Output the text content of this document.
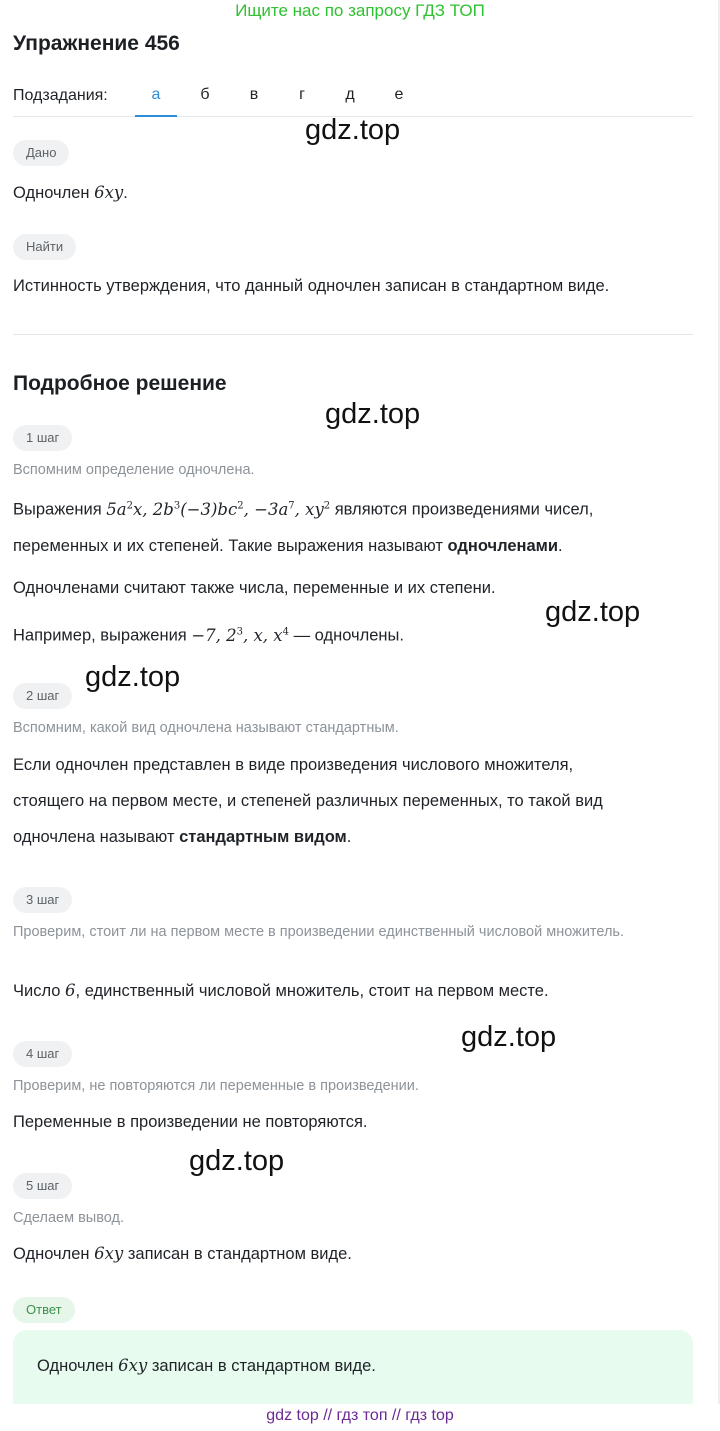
Ищите нас по запросу ГДЗ ТОП
Упражнение 456
Подзадания:	а	б	в	г	д	е
gdz.top
Дано
Одночлен 6xy.
Найти
Истинность утверждения, что данный одночлен записан в стандартном виде.
Подробное решение
gdz.top
1 шаг
Вспомним определение одночлена.
Выражения $5a^2x$, $2b^3(-3)bc^2$, $-3a^7$, $xy^2$ являются произведениями чисел,
переменных и их степеней. Такие выражения называют одночленами.
Одночленами считают также числа, переменные и их степени.
Например, выражения −7, $2^3$, x, $x^4$ — одночлены.
gdz.top
gdz.top
2 шаг
Вспомним, какой вид одночлена называют стандартным.
Если одночлен представлен в виде произведения числового множителя,
стоящего на первом месте, и степеней различных переменных, то такой вид
одночлена называют стандартным видом.
3 шаг
Проверим, стоит ли на первом месте в произведении единственный числовой множитель.
Число 6, единственный числовой множитель, стоит на первом месте.
gdz.top
4 шаг
Проверим, не повторяются ли переменные в произведении.
Переменные в произведении не повторяются.
gdz.top
5 шаг
Сделаем вывод.
Одночлен 6xy записан в стандартном виде.
Ответ
Одночлен 6xy записан в стандартном виде.
gdz top // гдз топ // гдз top
